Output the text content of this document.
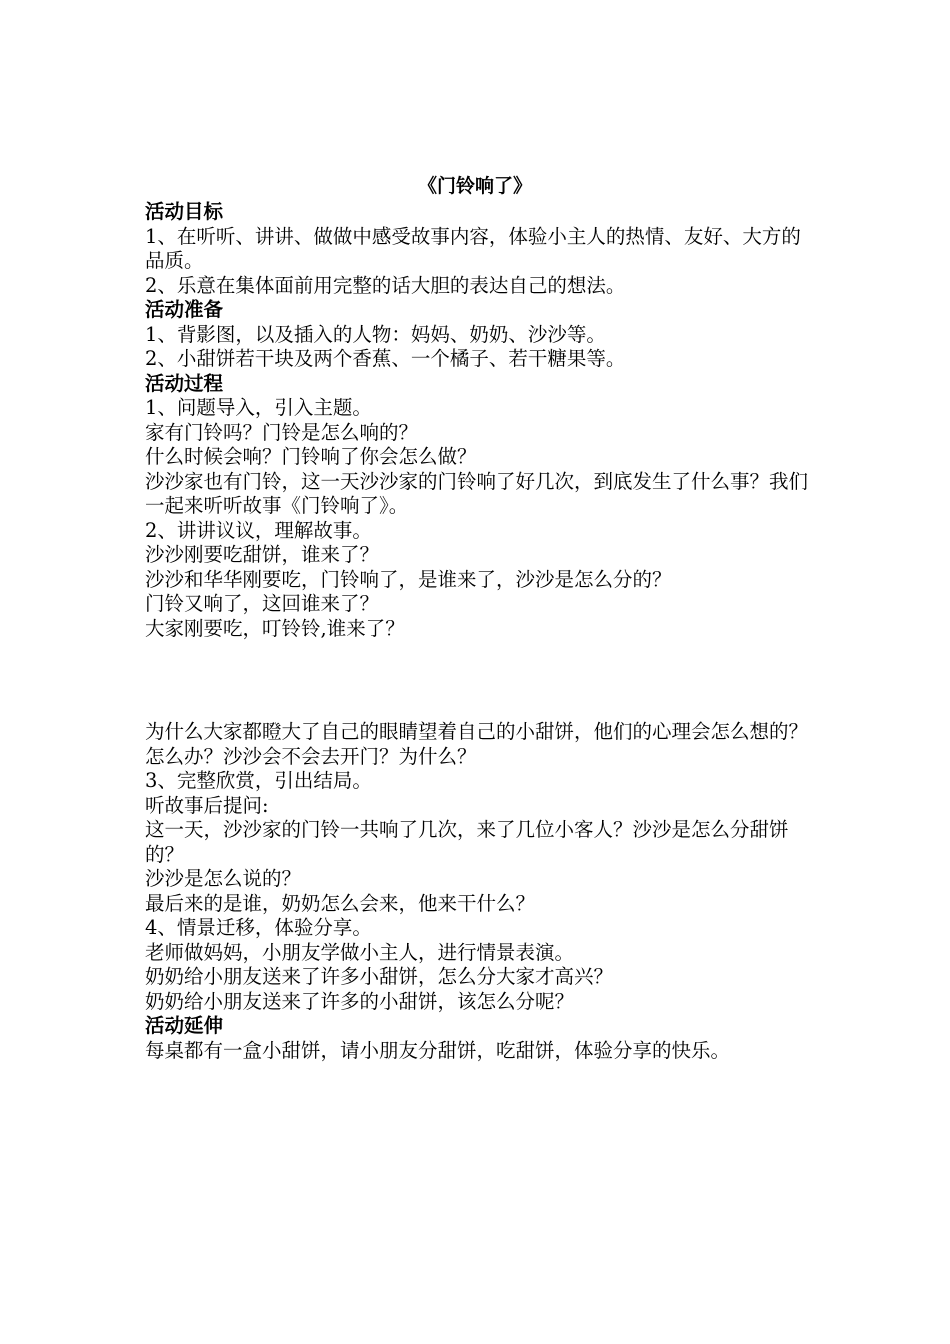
《门铃响了》

活动目标

1、在听听、讲讲、做做中感受故事内容，体验小主人的热情、友好、大方的品质。

2、乐意在集体面前用完整的话大胆的表达自己的想法。

活动准备

1、背影图，以及插入的人物：妈妈、奶奶、沙沙等。

2、小甜饼若干块及两个香蕉、一个橘子、若干糖果等。

活动过程

1、问题导入，引入主题。

家有门铃吗？门铃是怎么响的？

什么时候会响？门铃响了你会怎么做？

沙沙家也有门铃，这一天沙沙家的门铃响了好几次，到底发生了什么事？我们一起来听听故事《门铃响了》。

2、讲讲议议，理解故事。

沙沙刚要吃甜饼，谁来了？

沙沙和华华刚要吃，门铃响了，是谁来了，沙沙是怎么分的？

门铃又响了，这回谁来了？

大家刚要吃，叮铃铃,谁来了？

为什么大家都瞪大了自己的眼睛望着自己的小甜饼，他们的心理会怎么想的？

怎么办？沙沙会不会去开门？为什么？

3、完整欣赏，引出结局。

听故事后提问:

这一天，沙沙家的门铃一共响了几次，来了几位小客人？沙沙是怎么分甜饼的？

沙沙是怎么说的？

最后来的是谁，奶奶怎么会来，他来干什么？

4、情景迁移，体验分享。

老师做妈妈，小朋友学做小主人，进行情景表演。

奶奶给小朋友送来了许多小甜饼，怎么分大家才高兴？

奶奶给小朋友送来了许多的小甜饼，该怎么分呢？

活动延伸

每桌都有一盒小甜饼，请小朋友分甜饼，吃甜饼，体验分享的快乐。
